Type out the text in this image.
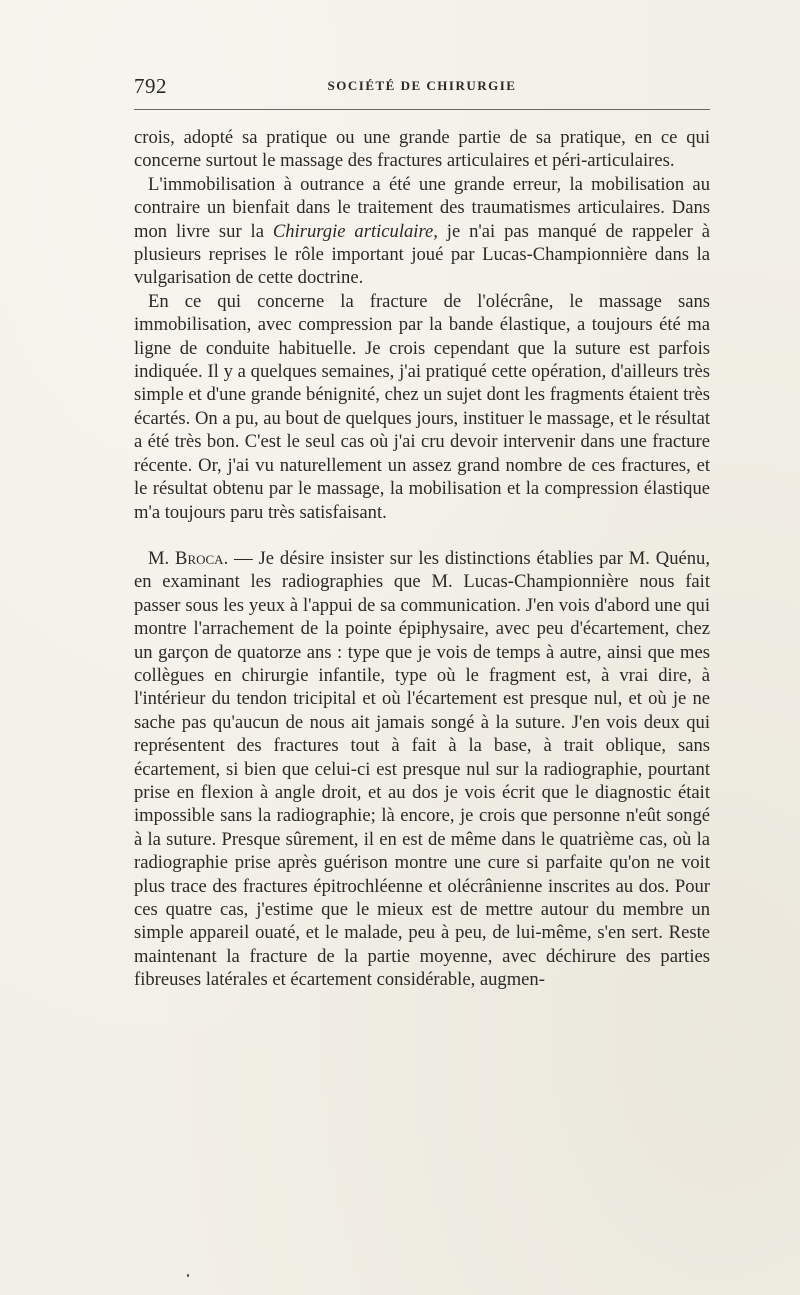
792	SOCIÉTÉ DE CHIRURGIE

crois, adopté sa pratique ou une grande partie de sa pratique, en ce qui concerne surtout le massage des fractures articulaires et péri-articulaires.

L'immobilisation à outrance a été une grande erreur, la mobilisation au contraire un bienfait dans le traitement des traumatismes articulaires. Dans mon livre sur la Chirurgie articulaire, je n'ai pas manqué de rappeler à plusieurs reprises le rôle important joué par Lucas-Championnière dans la vulgarisation de cette doctrine.

En ce qui concerne la fracture de l'olécrâne, le massage sans immobilisation, avec compression par la bande élastique, a toujours été ma ligne de conduite habituelle. Je crois cependant que la suture est parfois indiquée. Il y a quelques semaines, j'ai pratiqué cette opération, d'ailleurs très simple et d'une grande bénignité, chez un sujet dont les fragments étaient très écartés. On a pu, au bout de quelques jours, instituer le massage, et le résultat a été très bon. C'est le seul cas où j'ai cru devoir intervenir dans une fracture récente. Or, j'ai vu naturellement un assez grand nombre de ces fractures, et le résultat obtenu par le massage, la mobilisation et la compression élastique m'a toujours paru très satisfaisant.

M. Broca. — Je désire insister sur les distinctions établies par M. Quénu, en examinant les radiographies que M. Lucas-Championnière nous fait passer sous les yeux à l'appui de sa communication. J'en vois d'abord une qui montre l'arrachement de la pointe épiphysaire, avec peu d'écartement, chez un garçon de quatorze ans : type que je vois de temps à autre, ainsi que mes collègues en chirurgie infantile, type où le fragment est, à vrai dire, à l'intérieur du tendon tricipital et où l'écartement est presque nul, et où je ne sache pas qu'aucun de nous ait jamais songé à la suture. J'en vois deux qui représentent des fractures tout à fait à la base, à trait oblique, sans écartement, si bien que celui-ci est presque nul sur la radiographie, pourtant prise en flexion à angle droit, et au dos je vois écrit que le diagnostic était impossible sans la radiographie; là encore, je crois que personne n'eût songé à la suture. Presque sûrement, il en est de même dans le quatrième cas, où la radiographie prise après guérison montre une cure si parfaite qu'on ne voit plus trace des fractures épitrochléenne et olécrânienne inscrites au dos. Pour ces quatre cas, j'estime que le mieux est de mettre autour du membre un simple appareil ouaté, et le malade, peu à peu, de lui-même, s'en sert. Reste maintenant la fracture de la partie moyenne, avec déchirure des parties fibreuses latérales et écartement considérable, augmen-
